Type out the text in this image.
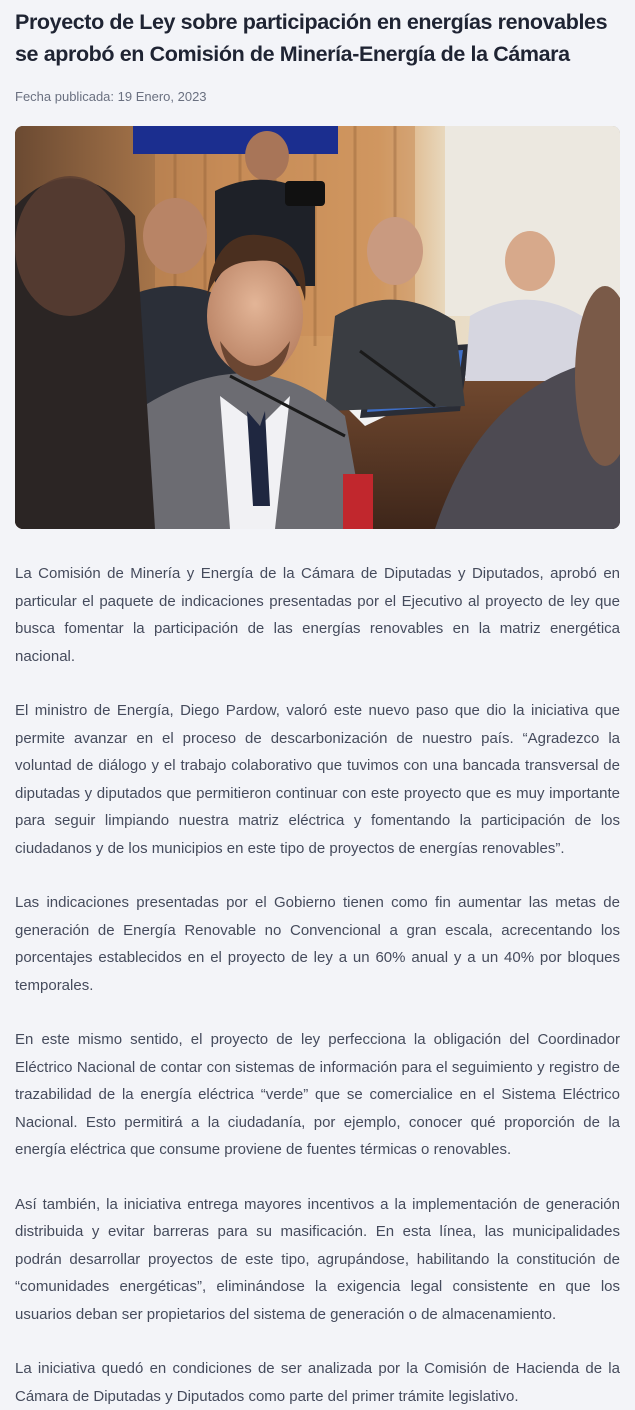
Proyecto de Ley sobre participación en energías renovables se aprobó en Comisión de Minería-Energía de la Cámara
Fecha publicada: 19 Enero, 2023

La Comisión de Minería y Energía de la Cámara de Diputadas y Diputados, aprobó en particular el paquete de indicaciones presentadas por el Ejecutivo al proyecto de ley que busca fomentar la participación de las energías renovables en la matriz energética nacional.

El ministro de Energía, Diego Pardow, valoró este nuevo paso que dio la iniciativa que permite avanzar en el proceso de descarbonización de nuestro país. “Agradezco la voluntad de diálogo y el trabajo colaborativo que tuvimos con una bancada transversal de diputadas y diputados que permitieron continuar con este proyecto que es muy importante para seguir limpiando nuestra matriz eléctrica y fomentando la participación de los ciudadanos y de los municipios en este tipo de proyectos de energías renovables”.

Las indicaciones presentadas por el Gobierno tienen como fin aumentar las metas de generación de Energía Renovable no Convencional a gran escala, acrecentando los porcentajes establecidos en el proyecto de ley a un 60% anual y a un 40% por bloques temporales.

En este mismo sentido, el proyecto de ley perfecciona la obligación del Coordinador Eléctrico Nacional de contar con sistemas de información para el seguimiento y registro de trazabilidad de la energía eléctrica “verde” que se comercialice en el Sistema Eléctrico Nacional. Esto permitirá a la ciudadanía, por ejemplo, conocer qué proporción de la energía eléctrica que consume proviene de fuentes térmicas o renovables.

Así también, la iniciativa entrega mayores incentivos a la implementación de generación distribuida y evitar barreras para su masificación. En esta línea, las municipalidades podrán desarrollar proyectos de este tipo, agrupándose, habilitando la constitución de “comunidades energéticas”, eliminándose la exigencia legal consistente en que los usuarios deban ser propietarios del sistema de generación o de almacenamiento.

La iniciativa quedó en condiciones de ser analizada por la Comisión de Hacienda de la Cámara de Diputadas y Diputados como parte del primer trámite legislativo.
